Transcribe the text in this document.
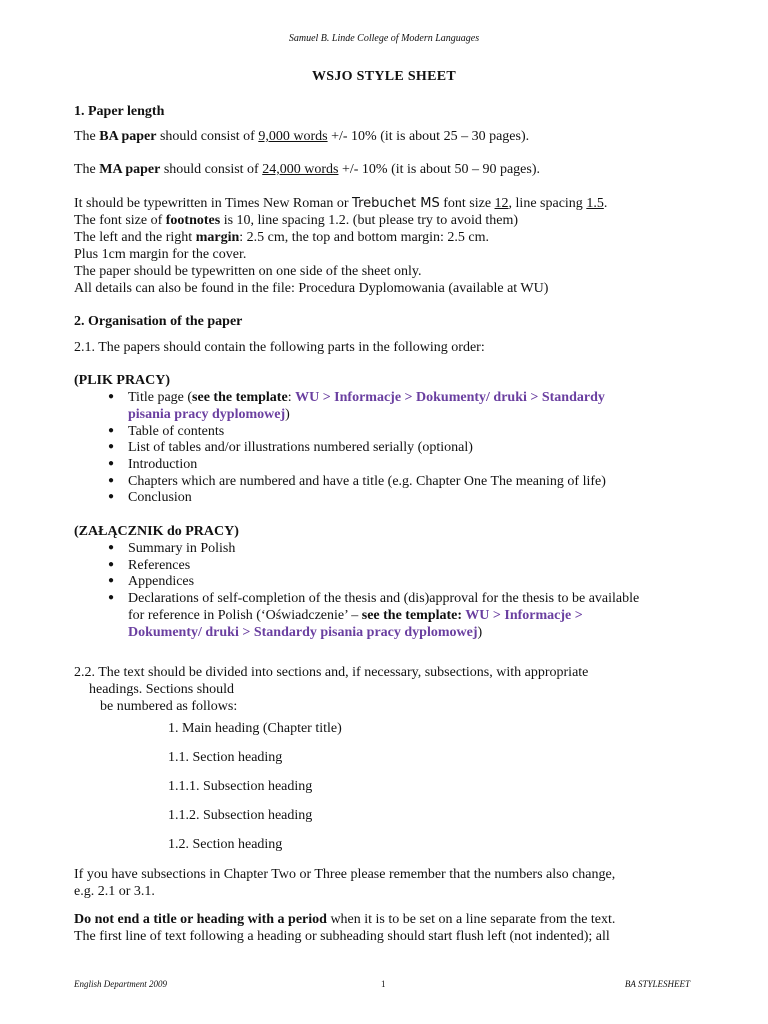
Samuel B. Linde College of Modern Languages
WSJO STYLE SHEET
1. Paper length
The BA paper should consist of 9,000 words +/- 10% (it is about 25 – 30 pages).
The MA paper should consist of 24,000 words +/- 10% (it is about 50 – 90 pages).
It should be typewritten in Times New Roman or Trebuchet MS font size 12, line spacing 1.5.
The font size of footnotes is 10, line spacing 1.2. (but please try to avoid them)
The left and the right margin: 2.5 cm, the top and bottom margin: 2.5 cm.
Plus 1cm margin for the cover.
The paper should be typewritten on one side of the sheet only.
All details can also be found in the file: Procedura Dyplomowania (available at WU)
2. Organisation of the paper
2.1. The papers should contain the following parts in the following order:
(PLIK PRACY)
● Title page (see the template: WU > Informacje > Dokumenty/ druki > Standardy
pisania pracy dyplomowej)
● Table of contents
● List of tables and/or illustrations numbered serially (optional)
● Introduction
● Chapters which are numbered and have a title (e.g. Chapter One The meaning of life)
● Conclusion
(ZAŁĄCZNIK do PRACY)
● Summary in Polish
● References
● Appendices
● Declarations of self-completion of the thesis and (dis)approval for the thesis to be available
for reference in Polish (‘Oświadczenie’ – see the template: WU > Informacje >
Dokumenty/ druki > Standardy pisania pracy dyplomowej)
2.2. The text should be divided into sections and, if necessary, subsections, with appropriate
headings. Sections should
be numbered as follows:
1. Main heading (Chapter title)
1.1. Section heading
1.1.1. Subsection heading
1.1.2. Subsection heading
1.2. Section heading
If you have subsections in Chapter Two or Three please remember that the numbers also change,
e.g. 2.1 or 3.1.
Do not end a title or heading with a period when it is to be set on a line separate from the text.
The first line of text following a heading or subheading should start flush left (not indented); all
English Department 2009	1	BA STYLESHEET
